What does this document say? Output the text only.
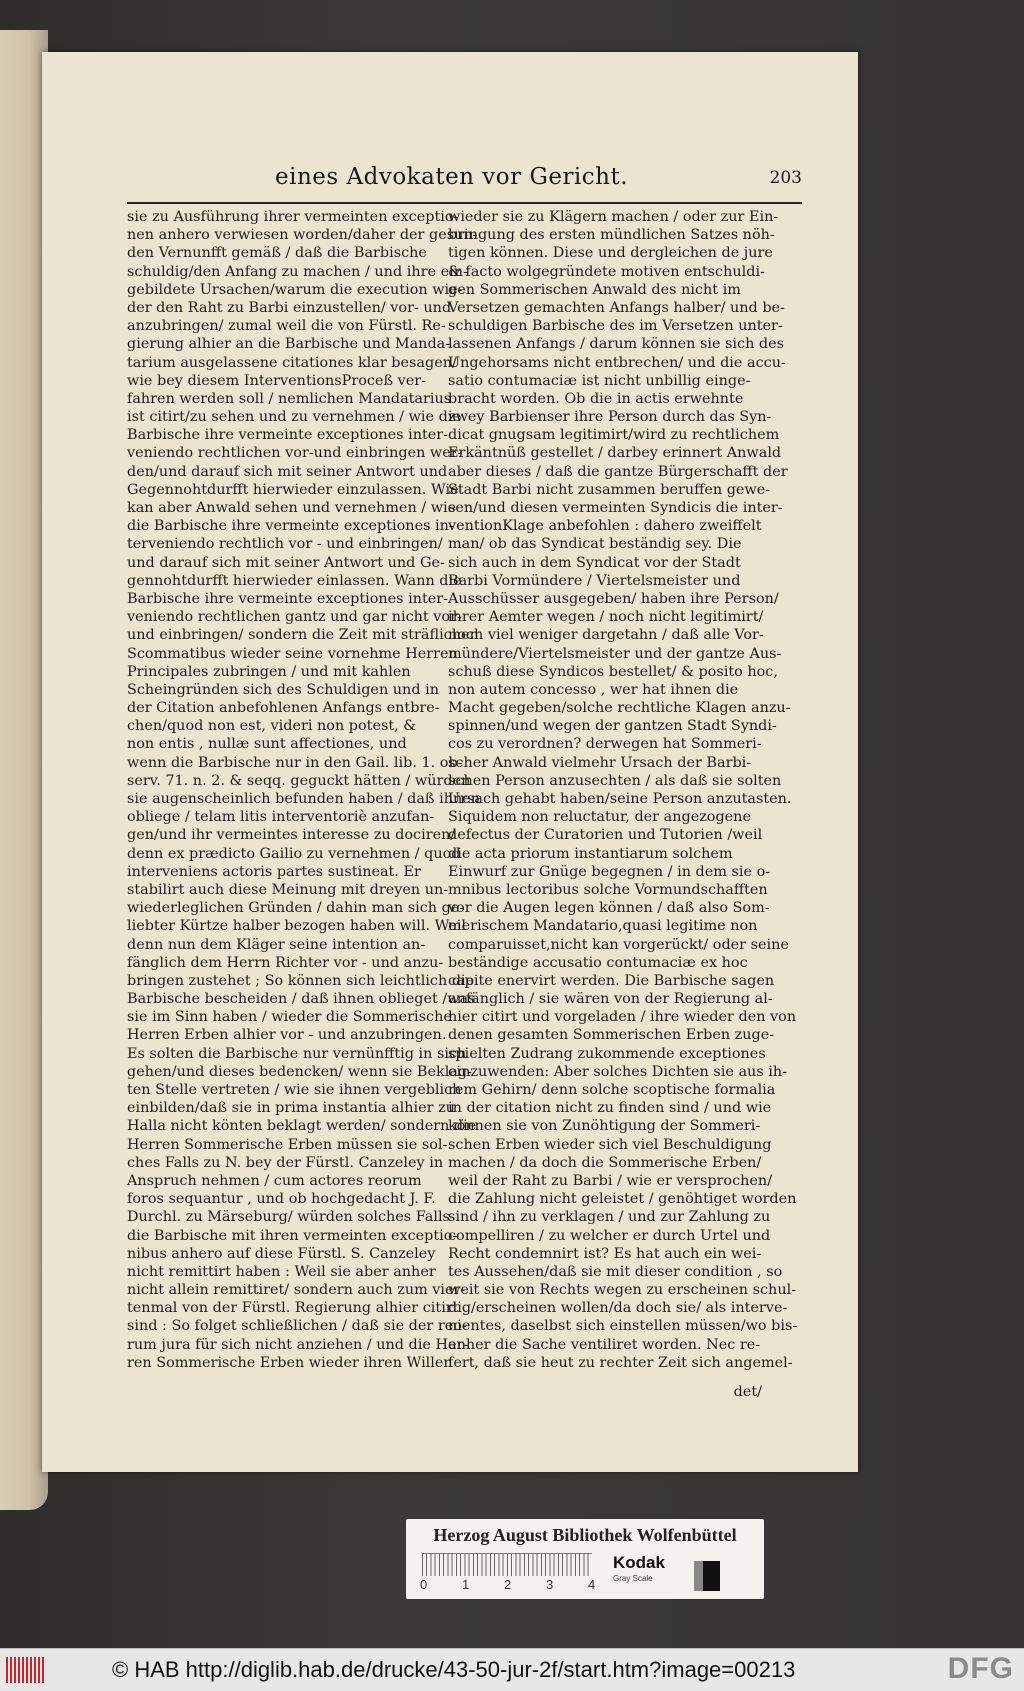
eines Advokaten vor Gericht.	203
sie zu Ausführung ihrer vermeinten exceptio-
nen anhero verwiesen worden/daher der gesun-
den Vernunfft gemäß / daß die Barbische
schuldig/den Anfang zu machen / und ihre ein-
gebildete Ursachen/warum die execution wie-
der den Raht zu Barbi einzustellen/ vor- und
anzubringen/ zumal weil die von Fürstl. Re-
gierung alhier an die Barbische und Manda-
tarium ausgelassene citationes klar besagen/
wie bey diesem InterventionsProceß ver-
fahren werden soll / nemlichen Mandatarius
ist citirt/zu sehen und zu vernehmen / wie die
Barbische ihre vermeinte exceptiones inter-
veniendo rechtlichen vor-und einbringen wer-
den/und darauf sich mit seiner Antwort und
Gegennohtdurfft hierwieder einzulassen. Wie
kan aber Anwald sehen und vernehmen / wie
die Barbische ihre vermeinte exceptiones in-
terveniendo rechtlich vor - und einbringen/
und darauf sich mit seiner Antwort und Ge-
gennohtdurfft hierwieder einlassen. Wann die
Barbische ihre vermeinte exceptiones inter-
veniendo rechtlichen gantz und gar nicht vor-
und einbringen/ sondern die Zeit mit sträflichen
Scommatibus wieder seine vornehme Herren
Principales zubringen / und mit kahlen
Scheingründen sich des Schuldigen und in
der Citation anbefohlenen Anfangs entbre-
chen/quod non est, videri non potest, &
non entis , nullæ sunt affectiones, und
wenn die Barbische nur in den Gail. lib. 1. ob-
serv. 71. n. 2. & seqq. geguckt hätten / würden
sie augenscheinlich befunden haben / daß ihnen
obliege / telam litis interventoriè anzufan-
gen/und ihr vermeintes interesse zu dociren/
denn ex prædicto Gailio zu vernehmen / quod
interveniens actoris partes sustineat. Er
stabilirt auch diese Meinung mit dreyen un-
wiederleglichen Gründen / dahin man sich ge-
liebter Kürtze halber bezogen haben will. Weil
denn nun dem Kläger seine intention an-
fänglich dem Herrn Richter vor - und anzu-
bringen zustehet ; So können sich leichtlich die
Barbische bescheiden / daß ihnen oblieget /was
sie im Sinn haben / wieder die Sommerische
Herren Erben alhier vor - und anzubringen.
Es solten die Barbische nur vernünfftig in sich
gehen/und dieses bedencken/ wenn sie Beklag-
ten Stelle vertreten / wie sie ihnen vergeblich
einbilden/daß sie in prima instantia alhier zu
Halla nicht könten beklagt werden/ sondern die
Herren Sommerische Erben müssen sie sol-
ches Falls zu N. bey der Fürstl. Canzeley in
Anspruch nehmen / cum actores reorum
foros sequantur , und ob hochgedacht J. F.
Durchl. zu Märseburg/ würden solches Falls
die Barbische mit ihren vermeinten exceptio-
nibus anhero auf diese Fürstl. S. Canzeley
nicht remittirt haben : Weil sie aber anher
nicht allein remittiret/ sondern auch zum vier-
tenmal von der Fürstl. Regierung alhier citirt
sind : So folget schließlichen / daß sie der reo-
rum jura für sich nicht anziehen / und die Her-
ren Sommerische Erben wieder ihren Willen
wieder sie zu Klägern machen / oder zur Ein-
bringung des ersten mündlichen Satzes nöh-
tigen können. Diese und dergleichen de jure
& facto wolgegründete motiven entschuldi-
gen Sommerischen Anwald des nicht im
Versetzen gemachten Anfangs halber/ und be-
schuldigen Barbische des im Versetzen unter-
lassenen Anfangs / darum können sie sich des
Ungehorsams nicht entbrechen/ und die accu-
satio contumaciæ ist nicht unbillig einge-
bracht worden. Ob die in actis erwehnte
zwey Barbienser ihre Person durch das Syn-
dicat gnugsam legitimirt/wird zu rechtlichem
Erkäntnüß gestellet / darbey erinnert Anwald
aber dieses / daß die gantze Bürgerschafft der
Stadt Barbi nicht zusammen beruffen gewe-
sen/und diesen vermeinten Syndicis die inter-
ventionKlage anbefohlen : dahero zweiffelt
man/ ob das Syndicat beständig sey. Die
sich auch in dem Syndicat vor der Stadt
Barbi Vormündere / Viertelsmeister und
Ausschüsser ausgegeben/ haben ihre Person/
ihrer Aemter wegen / noch nicht legitimirt/
noch viel weniger dargetahn / daß alle Vor-
mündere/Viertelsmeister und der gantze Aus-
schuß diese Syndicos bestellet/ & posito hoc,
non autem concesso , wer hat ihnen die
Macht gegeben/solche rechtliche Klagen anzu-
spinnen/und wegen der gantzen Stadt Syndi-
cos zu verordnen? derwegen hat Sommeri-
scher Anwald vielmehr Ursach der Barbi-
schen Person anzusechten / als daß sie solten
Ursach gehabt haben/seine Person anzutasten.
Siquidem non reluctatur, der angezogene
defectus der Curatorien und Tutorien /weil
die acta priorum instantiarum solchem
Einwurf zur Gnüge begegnen / in dem sie o-
mnibus lectoribus solche Vormundschafften
vor die Augen legen können / daß also Som-
merischem Mandatario,quasi legitime non
comparuisset,nicht kan vorgerückt/ oder seine
beständige accusatio contumaciæ ex hoc
capite enervirt werden. Die Barbische sagen
anfänglich / sie wären von der Regierung al-
hier citirt und vorgeladen / ihre wieder den von
denen gesamten Sommerischen Erben zuge-
spielten Zudrang zukommende exceptiones
einzuwenden: Aber solches Dichten sie aus ih-
rem Gehirn/ denn solche scoptische formalia
in der citation nicht zu finden sind / und wie
können sie von Zunöhtigung der Sommeri-
schen Erben wieder sich viel Beschuldigung
machen / da doch die Sommerische Erben/
weil der Raht zu Barbi / wie er versprochen/
die Zahlung nicht geleistet / genöhtiget worden
sind / ihn zu verklagen / und zur Zahlung zu
compelliren / zu welcher er durch Urtel und
Recht condemnirt ist? Es hat auch ein wei-
tes Aussehen/daß sie mit dieser condition , so
weit sie von Rechts wegen zu erscheinen schul-
dig/erscheinen wollen/da doch sie/ als interve-
nientes, daselbst sich einstellen müssen/wo bis-
anher die Sache ventiliret worden. Nec re-
fert, daß sie heut zu rechter Zeit sich angemel-
det/
Herzog August Bibliothek Wolfenbüttel
0	1	2	3	4
Kodak
Gray Scale
© HAB http://diglib.hab.de/drucke/43-50-jur-2f/start.htm?image=00213	DFG
